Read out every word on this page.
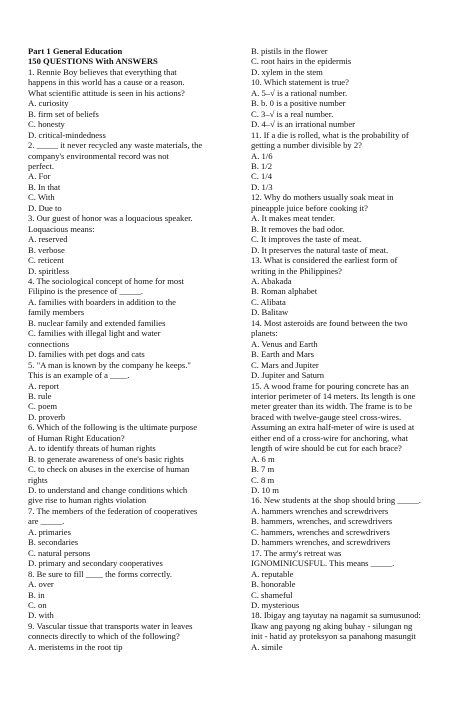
Part 1 General Education
150 QUESTIONS With ANSWERS
1. Rennie Boy believes that everything that
happens in this world has a cause or a reason.
What scientific attitude is seen in his actions?
A. curiosity
B. firm set of beliefs
C. honesty
D. critical-mindedness
2. _____ it never recycled any waste materials, the
company's environmental record was not
perfect.
A. For
B. In that
C. With
D. Due to
3. Our guest of honor was a loquacious speaker.
Loquacious means:
A. reserved
B. verbose
C. reticent
D. spiritless
4. The sociological concept of home for most
Filipino is the presence of _____.
A. families with boarders in addition to the
family members
B. nuclear family and extended families
C. families with illegal light and water
connections
D. families with pet dogs and cats
5. "A man is known by the company he keeps."
This is an example of a ____.
A. report
B. rule
C. poem
D. proverb
6. Which of the following is the ultimate purpose
of Human Right Education?
A. to identify threats of human rights
B. to generate awareness of one's basic rights
C. to check on abuses in the exercise of human
rights
D. to understand and change conditions which
give rise to human rights violation
7. The members of the federation of cooperatives
are _____.
A. primaries
B. secondaries
C. natural persons
D. primary and secondary cooperatives
8. Be sure to fill ____ the forms correctly.
A. over
B. in
C. on
D. with
9. Vascular tissue that transports water in leaves
connects directly to which of the following?
A. meristems in the root tip
B. pistils in the flower
C. root hairs in the epidermis
D. xylem in the stem
10. Which statement is true?
A. 5–√ is a rational number.
B. b. 0 is a positive number
C. 3–√ is a real number.
D. 4–√ is an irrational number
11. If a die is rolled, what is the probability of
getting a number divisible by 2?
A. 1/6
B. 1/2
C. 1/4
D. 1/3
12. Why do mothers usually soak meat in
pineapple juice before cooking it?
A. It makes meat tender.
B. It removes the bad odor.
C. It improves the taste of meat.
D. It preserves the natural taste of meat.
13. What is considered the earliest form of
writing in the Philippines?
A. Abakada
B. Roman alphabet
C. Alibata
D. Balitaw
14. Most asteroids are found between the two
planets:
A. Venus and Earth
B. Earth and Mars
C. Mars and Jupiter
D. Jupiter and Saturn
15. A wood frame for pouring concrete has an
interior perimeter of 14 meters. Its length is one
meter greater than its width. The frame is to be
braced with twelve-gauge steel cross-wires.
Assuming an extra half-meter of wire is used at
either end of a cross-wire for anchoring, what
length of wire should be cut for each brace?
A. 6 m
B. 7 m
C. 8 m
D. 10 m
16. New students at the shop should bring _____.
A. hammers wrenches and screwdrivers
B. hammers, wrenches, and screwdrivers
C. hammers, wrenches and screwdrivers
D. hammers wrenches, and screwdrivers
17. The army's retreat was
IGNOMINICUSFUL. This means _____.
A. reputable
B. honorable
C. shameful
D. mysterious
18. Ibigay ang tayutay na nagamit sa sumusunod:
Ikaw ang payong ng aking buhay - silungan ng
init - hatid ay proteksyon sa panahong masungit
A. simile
